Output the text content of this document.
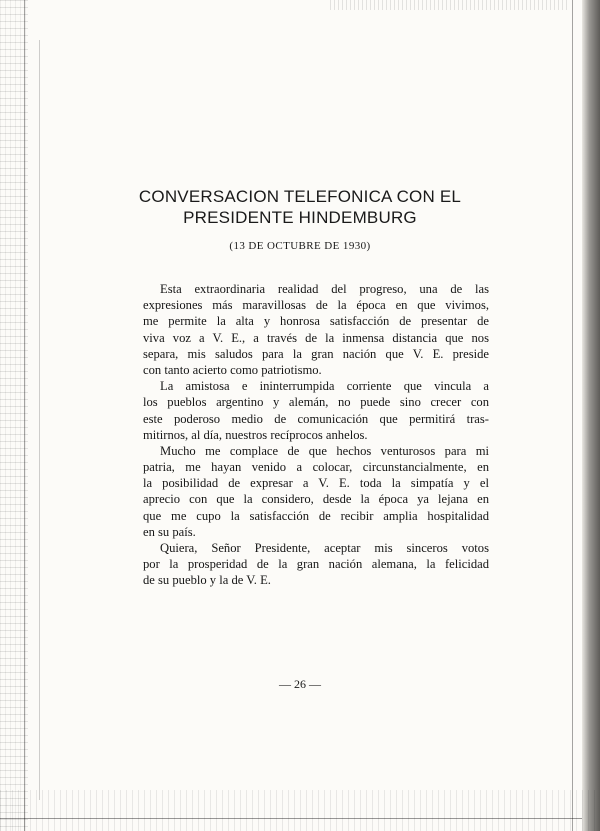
CONVERSACION TELEFONICA CON EL
PRESIDENTE HINDEMBURG

(13 DE OCTUBRE DE 1930)

Esta extraordinaria realidad del progreso, una de las
expresiones más maravillosas de la época en que vivimos,
me permite la alta y honrosa satisfacción de presentar de
viva voz a V. E., a través de la inmensa distancia que nos
separa, mis saludos para la gran nación que V. E. preside
con tanto acierto como patriotismo.
La amistosa e ininterrumpida corriente que vincula a
los pueblos argentino y alemán, no puede sino crecer con
este poderoso medio de comunicación que permitirá tras-
mitirnos, al día, nuestros recíprocos anhelos.
Mucho me complace de que hechos venturosos para mi
patria, me hayan venido a colocar, circunstancialmente, en
la posibilidad de expresar a V. E. toda la simpatía y el
aprecio con que la considero, desde la época ya lejana en
que me cupo la satisfacción de recibir amplia hospitalidad
en su país.
Quiera, Señor Presidente, aceptar mis sinceros votos
por la prosperidad de la gran nación alemana, la felicidad
de su pueblo y la de V. E.

— 26 —
